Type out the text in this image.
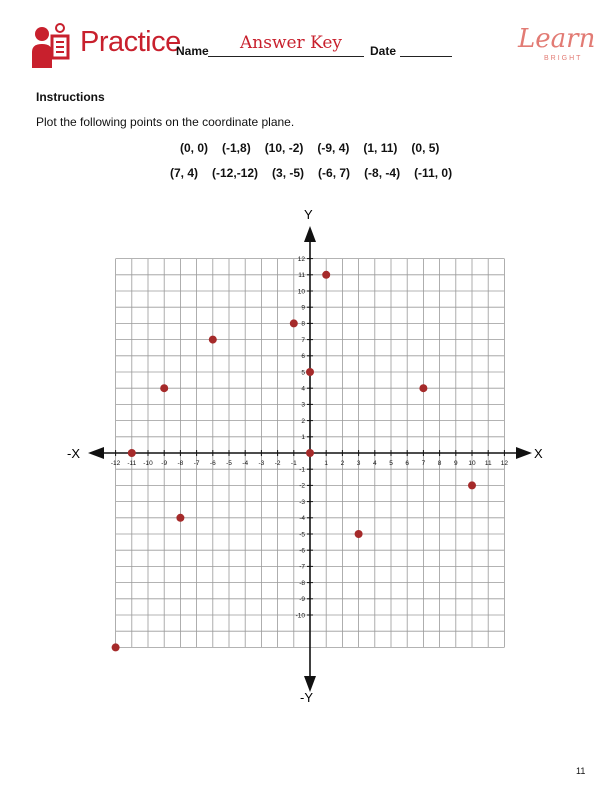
Practice
Name Answer Key Date	Learn
BRIGHT
Instructions
Plot the following points on the coordinate plane.
(0, 0) (-1,8) (10, -2) (-9, 4) (1, 11) (0, 5)
(7, 4) (-12,-12) (3, -5) (-6, 7) (-8, -4) (-11, 0)
-12 -11 -10 -9 -8 -7 -6 -5 -4 -3 -2 -1	1 2 3 4 5 6 7 8 9 10 11 12
12
11
10
9
8
7
6
5
4
3
2
1
-1
-2
-3
-4
-5
-6
-7
-8
-9
-10
X
-X
Y
-Y
11
